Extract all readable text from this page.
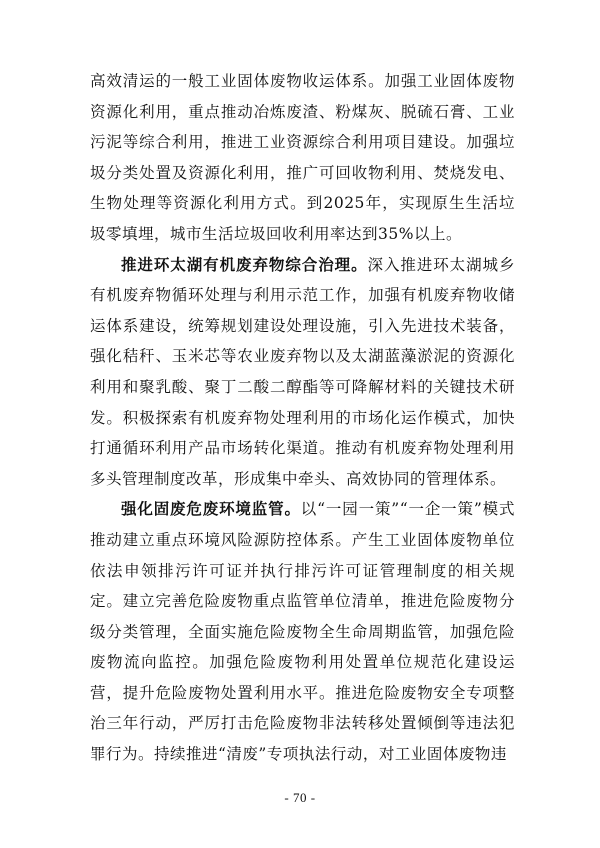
高效清运的一般工业固体废物收运体系。加强工业固体废物资源化利用，重点推动冶炼废渣、粉煤灰、脱硫石膏、工业污泥等综合利用，推进工业资源综合利用项目建设。加强垃圾分类处置及资源化利用，推广可回收物利用、焚烧发电、生物处理等资源化利用方式。到2025年，实现原生生活垃圾零填埋，城市生活垃圾回收利用率达到35%以上。

推进环太湖有机废弃物综合治理。深入推进环太湖城乡有机废弃物循环处理与利用示范工作，加强有机废弃物收储运体系建设，统筹规划建设处理设施，引入先进技术装备，强化秸秆、玉米芯等农业废弃物以及太湖蓝藻淤泥的资源化利用和聚乳酸、聚丁二酸二醇酯等可降解材料的关键技术研发。积极探索有机废弃物处理利用的市场化运作模式，加快打通循环利用产品市场转化渠道。推动有机废弃物处理利用多头管理制度改革，形成集中牵头、高效协同的管理体系。

强化固废危废环境监管。以“一园一策”“一企一策”模式推动建立重点环境风险源防控体系。产生工业固体废物单位依法申领排污许可证并执行排污许可证管理制度的相关规定。建立完善危险废物重点监管单位清单，推进危险废物分级分类管理，全面实施危险废物全生命周期监管，加强危险废物流向监控。加强危险废物利用处置单位规范化建设运营，提升危险废物处置利用水平。推进危险废物安全专项整治三年行动，严厉打击危险废物非法转移处置倾倒等违法犯罪行为。持续推进“清废”专项执法行动，对工业固体废物违

- 70 -
